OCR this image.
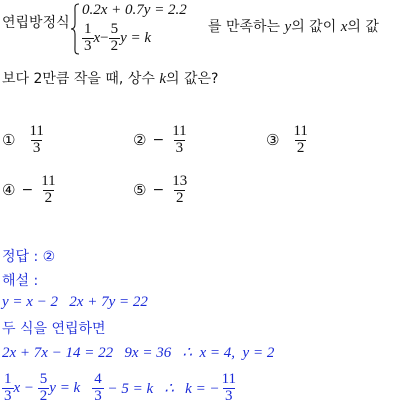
연립방정식
0.2x + 0.7y = 2.2
$\frac{1}{3}$ $x - \frac{5}{2}$ y = k
를 만족하는 y의 값이 x의 값
보다 2만큼 작을 때, 상수 k의 값은?
① $\frac{11}{3}$	② − $\frac{11}{3}$	③ $\frac{11}{2}$
④ − $\frac{11}{2}$	⑤ − $\frac{13}{2}$
정답 : ②
해설 :
y = x − 2   2x + 7y = 22
두 식을 연립하면
2x + 7x − 14 = 22   9x = 36   ∴  x = 4,  y = 2
$\frac{1}{3}$ $x - \frac{5}{2}$ y = k $\frac{4}{3} - 5 = k$   ∴   k = − $\frac{11}{3}$
